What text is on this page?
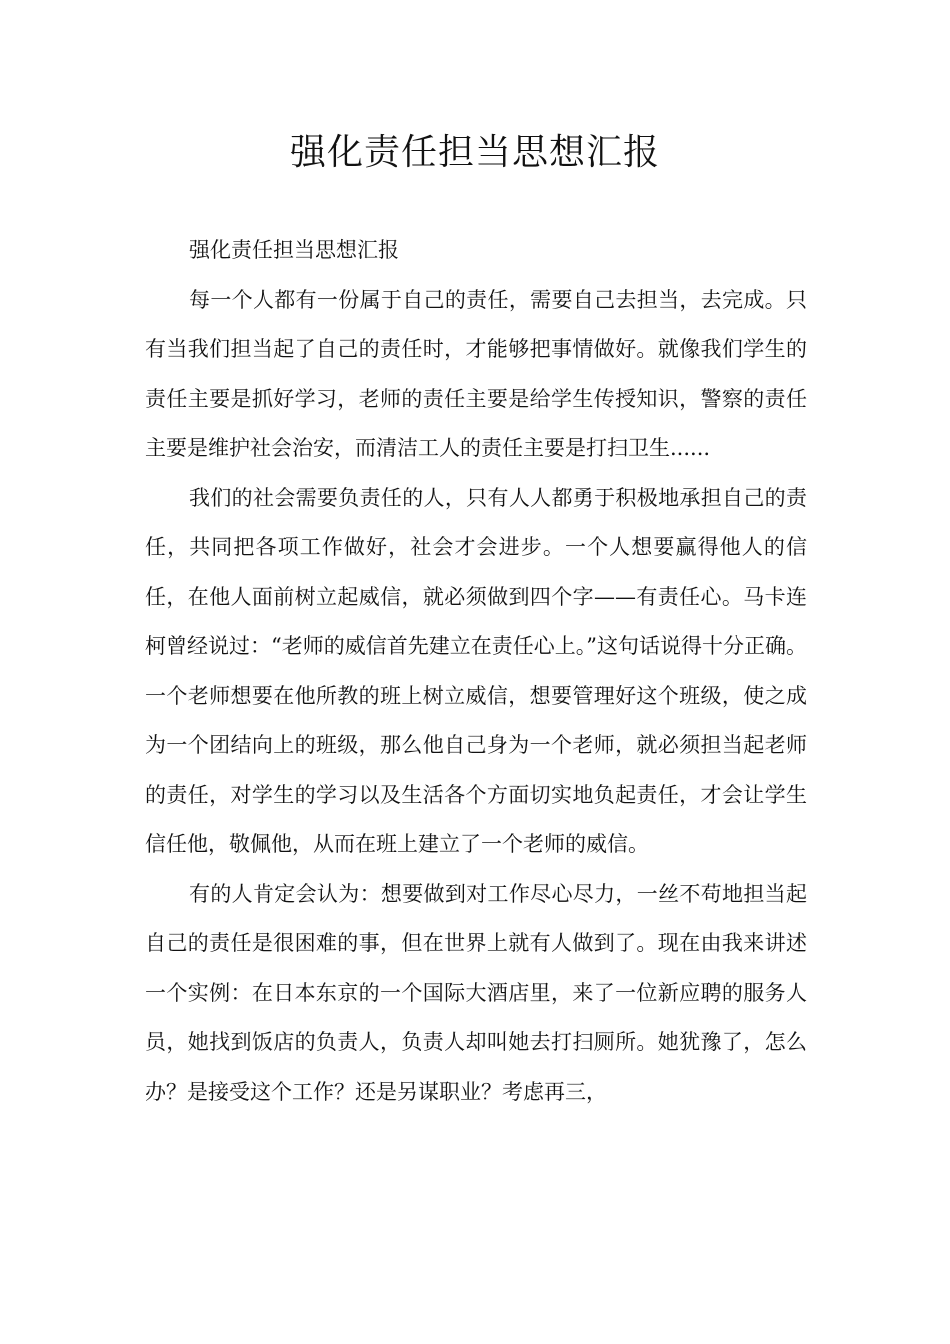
强化责任担当思想汇报

强化责任担当思想汇报

每一个人都有一份属于自己的责任，需要自己去担当，去完成。只有当我们担当起了自己的责任时，才能够把事情做好。就像我们学生的责任主要是抓好学习，老师的责任主要是给学生传授知识，警察的责任主要是维护社会治安，而清洁工人的责任主要是打扫卫生......

我们的社会需要负责任的人，只有人人都勇于积极地承担自己的责任，共同把各项工作做好，社会才会进步。一个人想要赢得他人的信任，在他人面前树立起威信，就必须做到四个字——有责任心。马卡连柯曾经说过：“老师的威信首先建立在责任心上。”这句话说得十分正确。一个老师想要在他所教的班上树立威信，想要管理好这个班级，使之成为一个团结向上的班级，那么他自己身为一个老师，就必须担当起老师的责任，对学生的学习以及生活各个方面切实地负起责任，才会让学生信任他，敬佩他，从而在班上建立了一个老师的威信。

有的人肯定会认为：想要做到对工作尽心尽力，一丝不苟地担当起自己的责任是很困难的事，但在世界上就有人做到了。现在由我来讲述一个实例：在日本东京的一个国际大酒店里，来了一位新应聘的服务人员，她找到饭店的负责人，负责人却叫她去打扫厕所。她犹豫了，怎么办？是接受这个工作？还是另谋职业？考虑再三，
